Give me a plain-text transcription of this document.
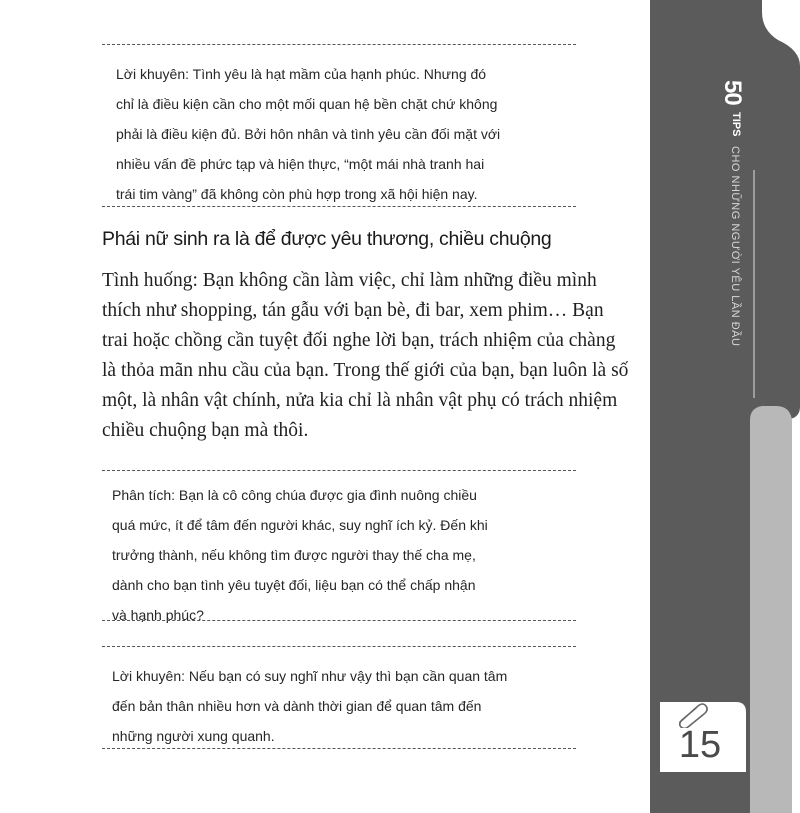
Lời khuyên: Tình yêu là hạt mầm của hạnh phúc. Nhưng đó
chỉ là điều kiện cần cho một mối quan hệ bền chặt chứ không
phải là điều kiện đủ. Bởi hôn nhân và tình yêu cần đối mặt với
nhiều vấn đề phức tạp và hiện thực, “một mái nhà tranh hai
trái tim vàng” đã không còn phù hợp trong xã hội hiện nay.
Phái nữ sinh ra là để được yêu thương, chiều chuộng
Tình huống: Bạn không cần làm việc, chỉ làm những điều mình
thích như shopping, tán gẫu với bạn bè, đi bar, xem phim… Bạn
trai hoặc chồng cần tuyệt đối nghe lời bạn, trách nhiệm của chàng
là thỏa mãn nhu cầu của bạn. Trong thế giới của bạn, bạn luôn là số
một, là nhân vật chính, nửa kia chỉ là nhân vật phụ có trách nhiệm
chiều chuộng bạn mà thôi.
Phân tích: Bạn là cô công chúa được gia đình nuông chiều
quá mức, ít để tâm đến người khác, suy nghĩ ích kỷ. Đến khi
trưởng thành, nếu không tìm được người thay thế cha mẹ,
dành cho bạn tình yêu tuyệt đối, liệu bạn có thể chấp nhận
và hạnh phúc?
Lời khuyên: Nếu bạn có suy nghĩ như vậy thì bạn cần quan tâm
đến bản thân nhiều hơn và dành thời gian để quan tâm đến
những người xung quanh.
50
TIPS
CHO NHỮNG NGƯỜI YÊU LẦN ĐẦU
15
